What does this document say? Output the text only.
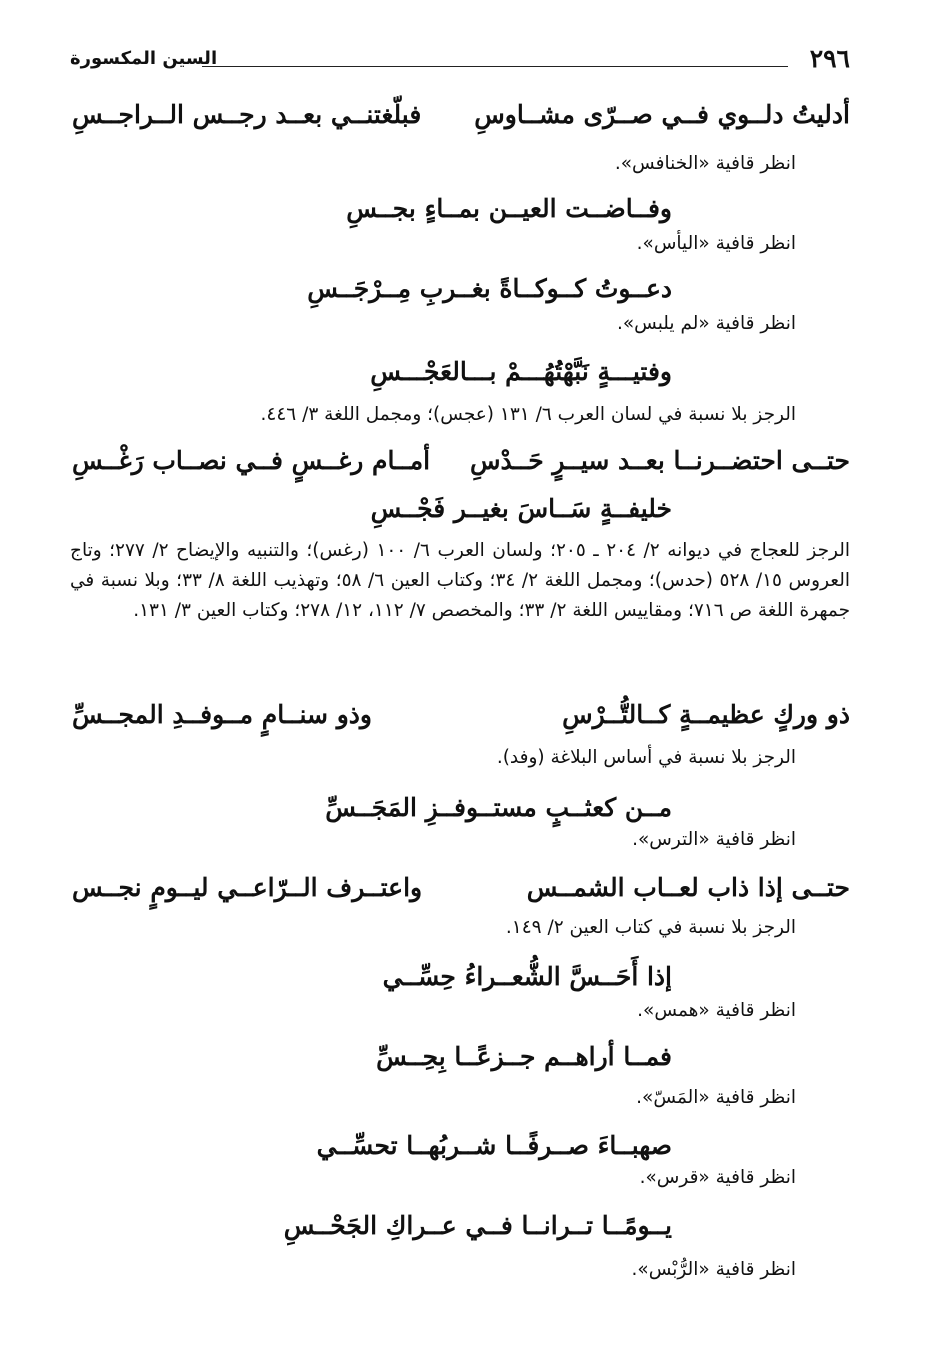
٢٩٦
السين المكسورة
أدليتُ دلــوي فــي صــرّى مشــاوسِ
فبلّغتنــي بعــد رجــس الــراجــسِ
انظر قافية «الخنافس».
وفــاضــت العيــن بمــاءٍ بجــسِ
انظر قافية «اليأس».
دعــوتُ كــوكــاةً بغــربِ مِــرْجَــسِ
انظر قافية «لم يلبس».
وفتيـــةٍ نَبَّهْتُهُـــمْ بـــالعَجْـــسِ
الرجز بلا نسبة في لسان العرب ٦/ ١٣١ (عجس)؛ ومجمل اللغة ٣/ ٤٤٦.
حتــى احتضــرنــا بعــد سيــرٍ حَــدْسِ
أمــام رغــسٍ فــي نصــاب رَغْــسِ
خليفــةٍ سَــاسَ بغيــر فَجْــسِ
الرجز للعجاج في ديوانه ٢/ ٢٠٤ ـ ٢٠٥؛ ولسان العرب ٦/ ١٠٠ (رغس)؛ والتنبيه والإيضاح ٢/ ٢٧٧؛ وتاج العروس ١٥/ ٥٢٨ (حدس)؛ ومجمل اللغة ٢/ ٣٤؛ وكتاب العين ٦/ ٥٨؛ وتهذيب اللغة ٨/ ٣٣؛ وبلا نسبة في جمهرة اللغة ص ٧١٦؛ ومقاييس اللغة ٢/ ٣٣؛ والمخصص ٧/ ١١٢، ١٢/ ٢٧٨؛ وكتاب العين ٣/ ١٣١.
ذو وركٍ عظيمــةٍ كــالتُّــرْسِ
وذو سنــامٍ مــوفــدِ المجــسِّ
الرجز بلا نسبة في أساس البلاغة (وفد).
مــن كعثــبٍ مستــوفــزِ المَجَــسِّ
انظر قافية «الترس».
حتــى إذا ذاب لعــاب الشمــس
واعتــرف الــرّاعــي ليــومٍ نجــس
الرجز بلا نسبة في كتاب العين ٢/ ١٤٩.
إذا أَحَــسَّ الشُّعــراءُ حِسِّــي
انظر قافية «همس».
فمــا أراهــم جــزعًــا بِحِــسِّ
انظر قافية «المَسّ».
صهبــاءَ صــرفًــا شــربُهــا تحسِّــي
انظر قافية «قرس».
يــومًــا تــرانــا فــي عــراكِ الجَحْــسِ
انظر قافية «الرُّبْس».
